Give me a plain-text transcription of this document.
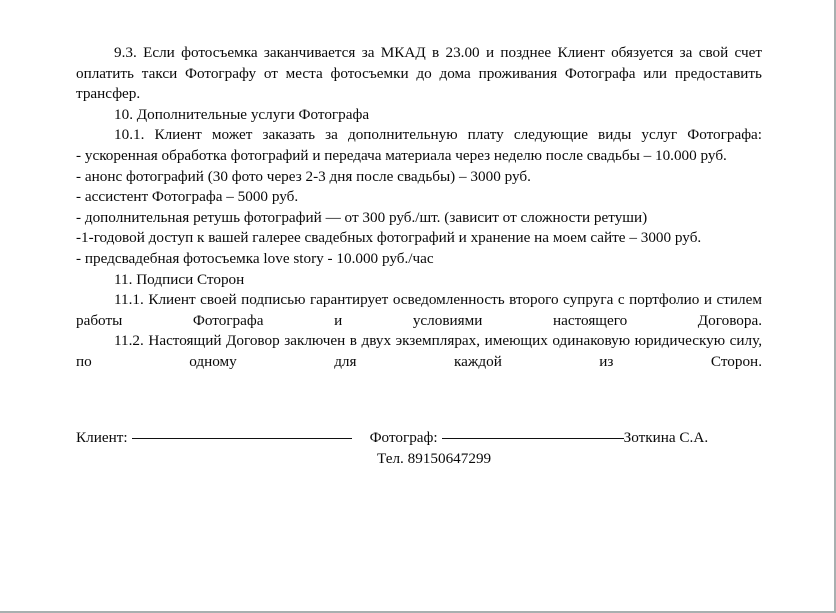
9.3. Если фотосъемка заканчивается за МКАД в 23.00 и позднее Клиент обязуется за свой счет оплатить такси Фотографу от места фотосъемки до дома проживания Фотографа или предоставить трансфер.

10. Дополнительные услуги Фотографа

10.1. Клиент может заказать за дополнительную плату следующие виды услуг Фотографа:

- ускоренная обработка фотографий и передача материала через неделю после свадьбы – 10.000 руб.

- анонс фотографий (30 фото через 2-3 дня после свадьбы) – 3000 руб.

- ассистент Фотографа – 5000 руб.

- дополнительная ретушь фотографий — от 300 руб./шт. (зависит от сложности ретуши)

-1-годовой доступ к вашей галерее свадебных фотографий и хранение на моем сайте – 3000 руб.

- предсвадебная фотосъемка love story - 10.000 руб./час

11. Подписи Сторон

11.1. Клиент своей подписью гарантирует осведомленность второго супруга с портфолио и стилем работы Фотографа и условиями настоящего Договора.

11.2. Настоящий Договор заключен в двух экземплярах, имеющих одинаковую юридическую силу, по одному для каждой из Сторон.

Клиент:	Фотограф:	Зоткина С.А.
Тел. 89150647299
